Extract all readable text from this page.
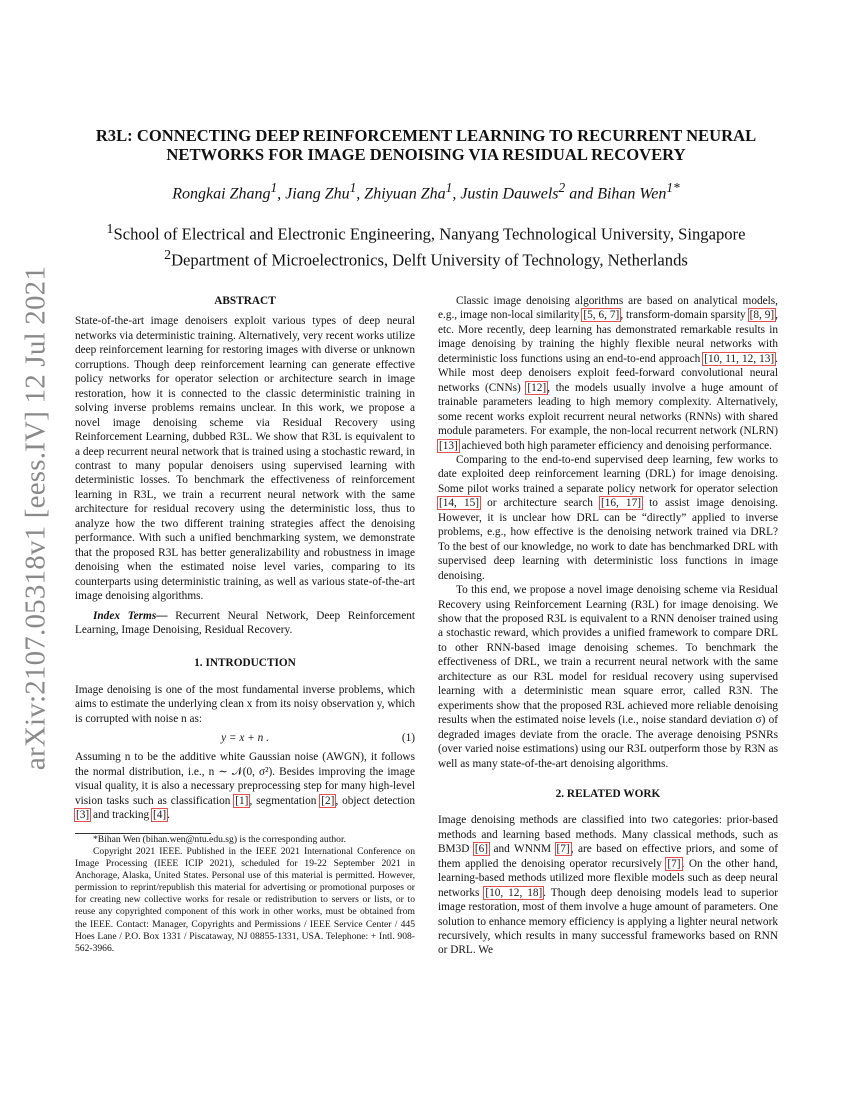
arXiv:2107.05318v1 [eess.IV] 12 Jul 2021
R3L: CONNECTING DEEP REINFORCEMENT LEARNING TO RECURRENT NEURAL
NETWORKS FOR IMAGE DENOISING VIA RESIDUAL RECOVERY
Rongkai Zhang$^1$, Jiang Zhu$^1$, Zhiyuan Zha$^1$, Justin Dauwels$^2$ and Bihan Wen$^{1*}$
$^1$School of Electrical and Electronic Engineering, Nanyang Technological University, Singapore
$^2$Department of Microelectronics, Delft University of Technology, Netherlands

ABSTRACT

State-of-the-art image denoisers exploit various types of deep neural networks via deterministic training. Alternatively, very recent works utilize deep reinforcement learning for restoring images with diverse or unknown corruptions. Though deep reinforcement learning can generate effective policy networks for operator selection or architecture search in image restoration, how it is connected to the classic deterministic training in solving inverse problems remains unclear. In this work, we propose a novel image denoising scheme via Residual Recovery using Reinforcement Learning, dubbed R3L. We show that R3L is equivalent to a deep recurrent neural network that is trained using a stochastic reward, in contrast to many popular denoisers using supervised learning with deterministic losses. To benchmark the effectiveness of reinforcement learning in R3L, we train a recurrent neural network with the same architecture for residual recovery using the deterministic loss, thus to analyze how the two different training strategies affect the denoising performance. With such a unified benchmarking system, we demonstrate that the proposed R3L has better generalizability and robustness in image denoising when the estimated noise level varies, comparing to its counterparts using deterministic training, as well as various state-of-the-art image denoising algorithms.

Index Terms— Recurrent Neural Network, Deep Reinforcement Learning, Image Denoising, Residual Recovery.

1. INTRODUCTION

Image denoising is one of the most fundamental inverse problems, which aims to estimate the underlying clean x from its noisy observation y, which is corrupted with noise n as:

y = x + n .	(1)

Assuming n to be the additive white Gaussian noise (AWGN), it follows the normal distribution, i.e., n ∼ 𝒩(0, σ²). Besides improving the image visual quality, it is also a necessary preprocessing step for many high-level vision tasks such as classification [1], segmentation [2], object detection [3] and tracking [4].

*Bihan Wen (bihan.wen@ntu.edu.sg) is the corresponding author.

Copyright 2021 IEEE. Published in the IEEE 2021 International Conference on Image Processing (IEEE ICIP 2021), scheduled for 19-22 September 2021 in Anchorage, Alaska, United States. Personal use of this material is permitted. However, permission to reprint/republish this material for advertising or promotional purposes or for creating new collective works for resale or redistribution to servers or lists, or to reuse any copyrighted component of this work in other works, must be obtained from the IEEE. Contact: Manager, Copyrights and Permissions / IEEE Service Center / 445 Hoes Lane / P.O. Box 1331 / Piscataway, NJ 08855-1331, USA. Telephone: + Intl. 908-562-3966.

Classic image denoising algorithms are based on analytical models, e.g., image non-local similarity [5, 6, 7], transform-domain sparsity [8, 9], etc. More recently, deep learning has demonstrated remarkable results in image denoising by training the highly flexible neural networks with deterministic loss functions using an end-to-end approach [10, 11, 12, 13]. While most deep denoisers exploit feed-forward convolutional neural networks (CNNs) [12], the models usually involve a huge amount of trainable parameters leading to high memory complexity. Alternatively, some recent works exploit recurrent neural networks (RNNs) with shared module parameters. For example, the non-local recurrent network (NLRN) [13] achieved both high parameter efficiency and denoising performance.

Comparing to the end-to-end supervised deep learning, few works to date exploited deep reinforcement learning (DRL) for image denoising. Some pilot works trained a separate policy network for operator selection [14, 15] or architecture search [16, 17] to assist image denoising. However, it is unclear how DRL can be “directly” applied to inverse problems, e.g., how effective is the denoising network trained via DRL? To the best of our knowledge, no work to date has benchmarked DRL with supervised deep learning with deterministic loss functions in image denoising.

To this end, we propose a novel image denoising scheme via Residual Recovery using Reinforcement Learning (R3L) for image denoising. We show that the proposed R3L is equivalent to a RNN denoiser trained using a stochastic reward, which provides a unified framework to compare DRL to other RNN-based image denoising schemes. To benchmark the effectiveness of DRL, we train a recurrent neural network with the same architecture as our R3L model for residual recovery using supervised learning with a deterministic mean square error, called R3N. The experiments show that the proposed R3L achieved more reliable denoising results when the estimated noise levels (i.e., noise standard deviation σ) of degraded images deviate from the oracle. The average denoising PSNRs (over varied noise estimations) using our R3L outperform those by R3N as well as many state-of-the-art denoising algorithms.

2. RELATED WORK

Image denoising methods are classified into two categories: prior-based methods and learning based methods. Many classical methods, such as BM3D [6] and WNNM [7], are based on effective priors, and some of them applied the denoising operator recursively [7]. On the other hand, learning-based methods utilized more flexible models such as deep neural networks [10, 12, 18]. Though deep denoising models lead to superior image restoration, most of them involve a huge amount of parameters. One solution to enhance memory efficiency is applying a lighter neural network recursively, which results in many successful frameworks based on RNN or DRL. We
